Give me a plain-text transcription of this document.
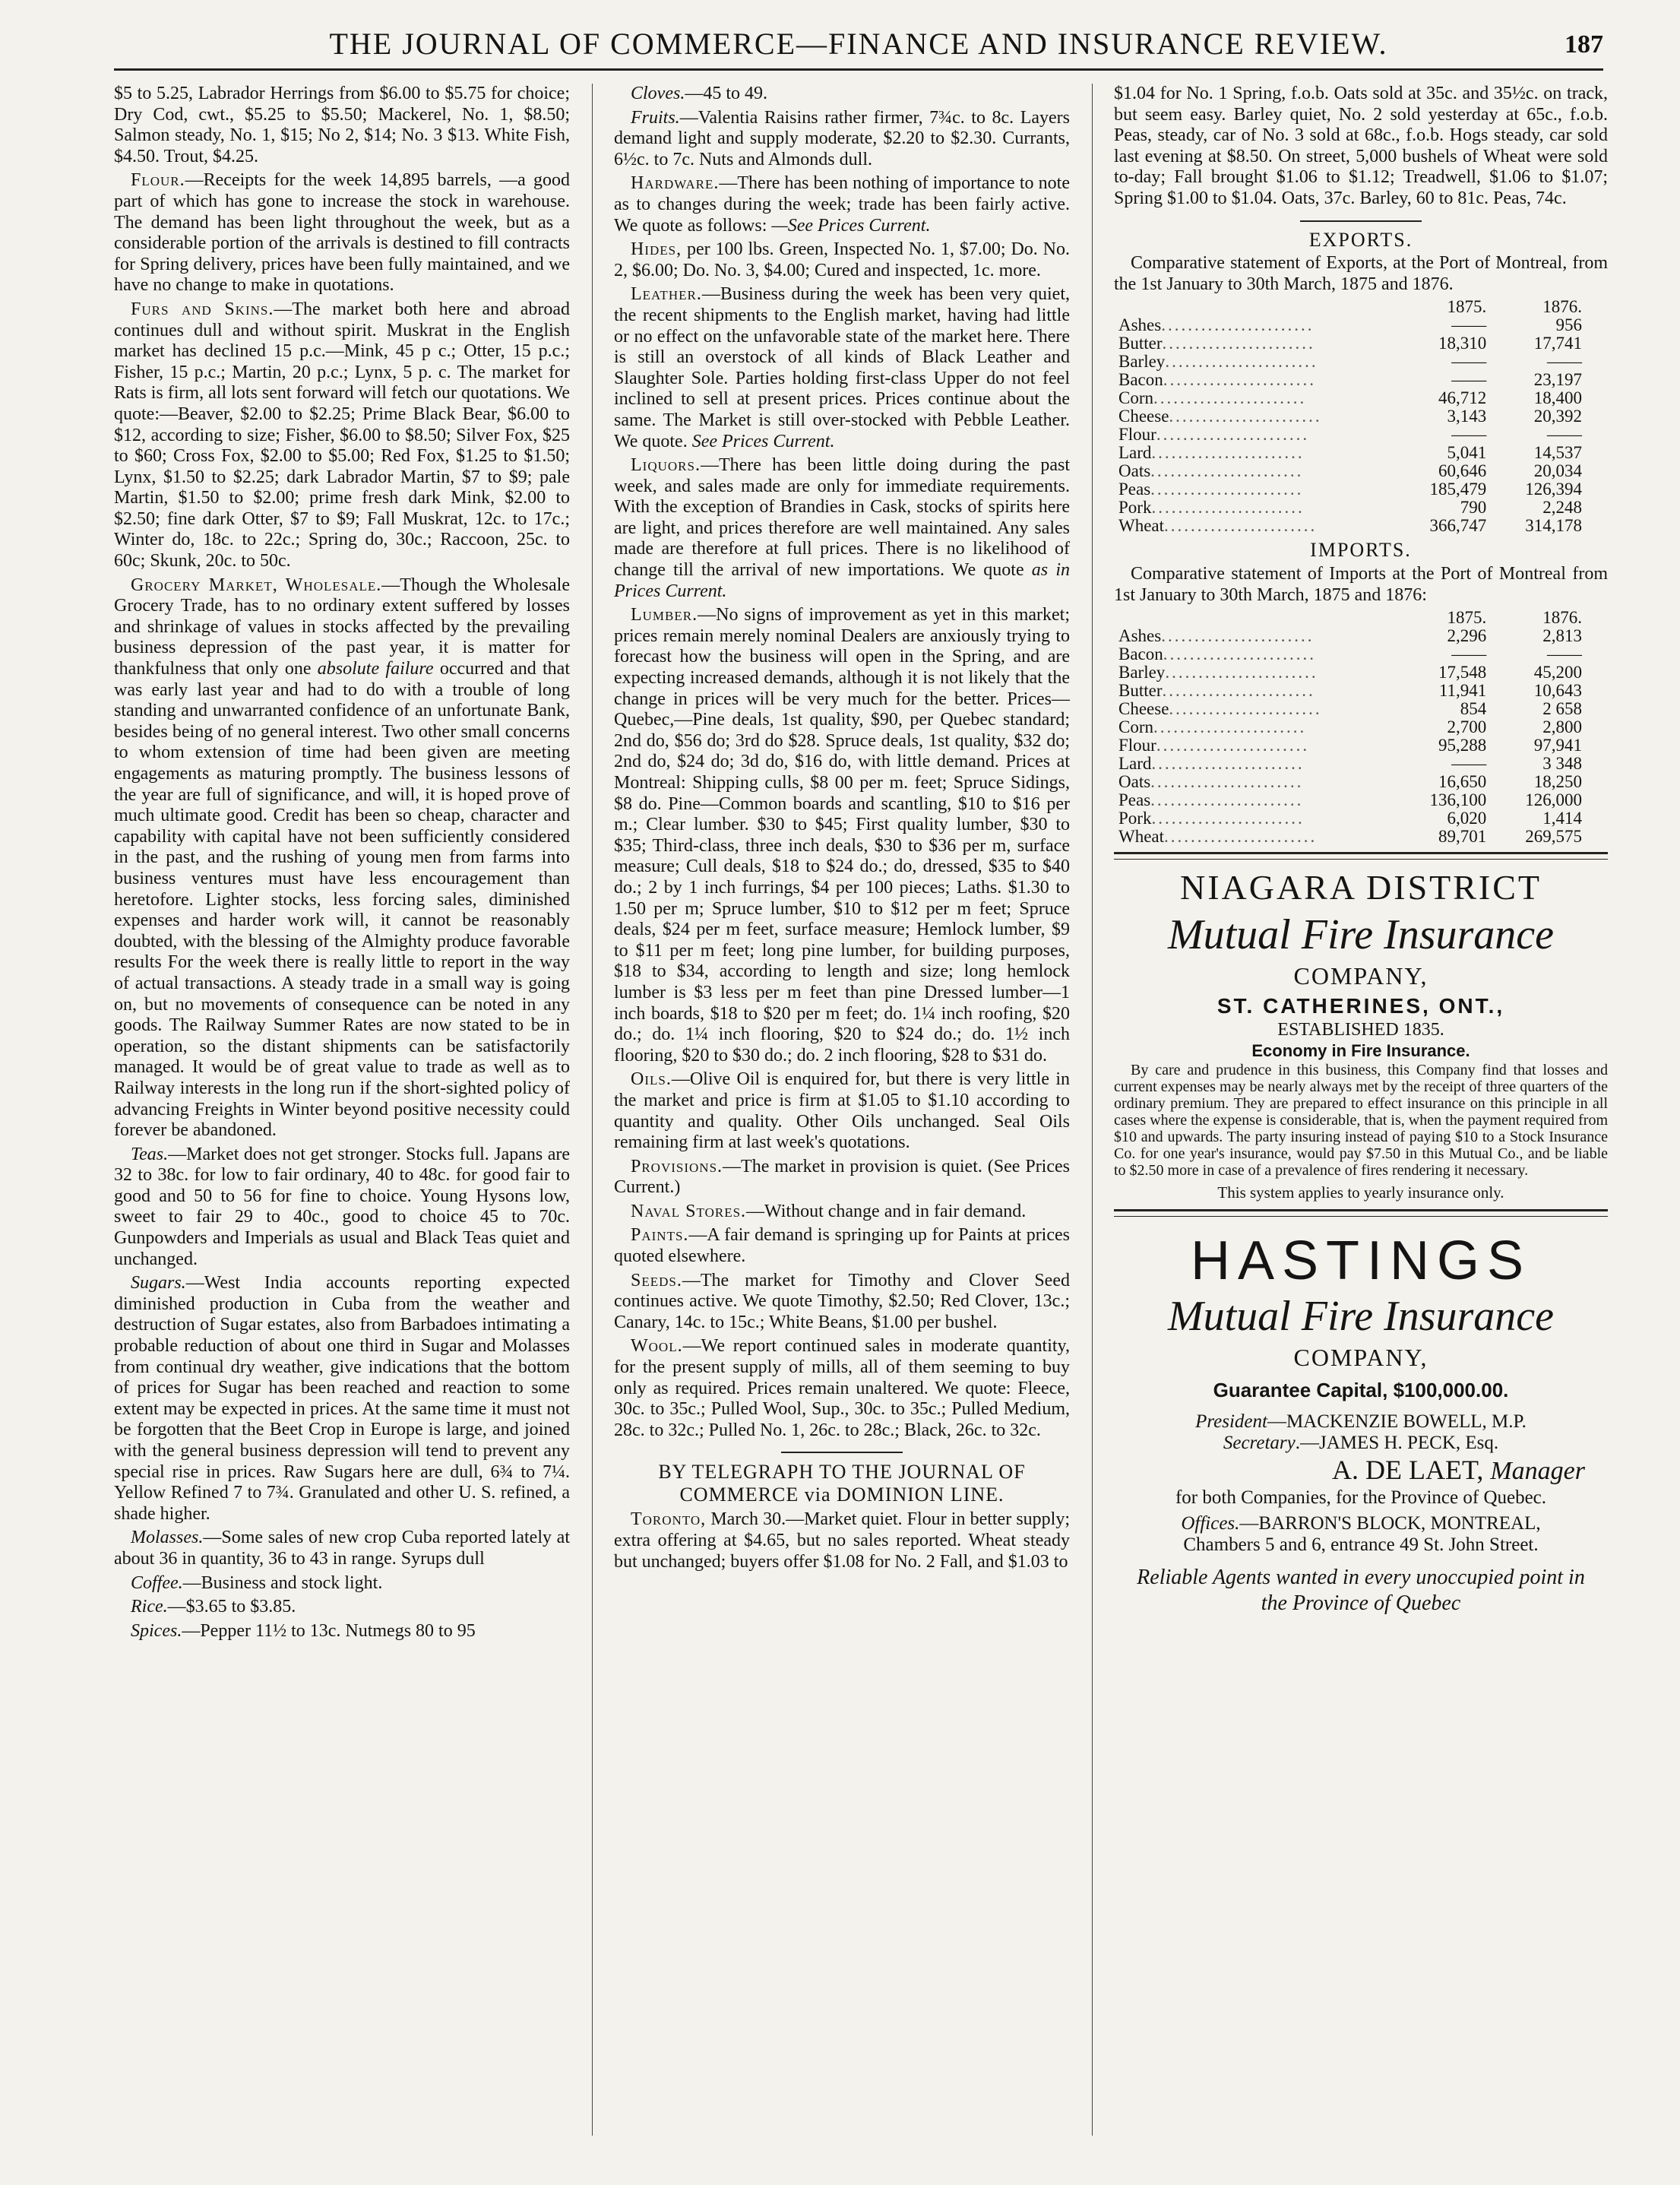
THE JOURNAL OF COMMERCE—FINANCE AND INSURANCE REVIEW.	187

$5 to 5.25, Labrador Herrings from $6.00 to $5.75 for choice; Dry Cod, cwt., $5.25 to $5.50; Mackerel, No. 1, $8.50; Salmon steady, No. 1, $15; No 2, $14; No. 3 $13. White Fish, $4.50. Trout, $4.25.

Flour.—Receipts for the week 14,895 barrels, —a good part of which has gone to increase the stock in warehouse. The demand has been light throughout the week, but as a considerable portion of the arrivals is destined to fill contracts for Spring delivery, prices have been fully maintained, and we have no change to make in quotations.

Furs and Skins.—The market both here and abroad continues dull and without spirit. Muskrat in the English market has declined 15 p.c.—Mink, 45 p c.; Otter, 15 p.c.; Fisher, 15 p.c.; Martin, 20 p.c.; Lynx, 5 p. c. The market for Rats is firm, all lots sent forward will fetch our quotations. We quote:—Beaver, $2.00 to $2.25; Prime Black Bear, $6.00 to $12, according to size; Fisher, $6.00 to $8.50; Silver Fox, $25 to $60; Cross Fox, $2.00 to $5.00; Red Fox, $1.25 to $1.50; Lynx, $1.50 to $2.25; dark Labrador Martin, $7 to $9; pale Martin, $1.50 to $2.00; prime fresh dark Mink, $2.00 to $2.50; fine dark Otter, $7 to $9; Fall Muskrat, 12c. to 17c.; Winter do, 18c. to 22c.; Spring do, 30c.; Raccoon, 25c. to 60c; Skunk, 20c. to 50c.

Grocery Market, Wholesale.—Though the Wholesale Grocery Trade, has to no ordinary extent suffered by losses and shrinkage of values in stocks affected by the prevailing business depression of the past year, it is matter for thankfulness that only one absolute failure occurred and that was early last year and had to do with a trouble of long standing and unwarranted confidence of an unfortunate Bank, besides being of no general interest. Two other small concerns to whom extension of time had been given are meeting engagements as maturing promptly. The business lessons of the year are full of significance, and will, it is hoped prove of much ultimate good. Credit has been so cheap, character and capability with capital have not been sufficiently considered in the past, and the rushing of young men from farms into business ventures must have less encouragement than heretofore. Lighter stocks, less forcing sales, diminished expenses and harder work will, it cannot be reasonably doubted, with the blessing of the Almighty produce favorable results For the week there is really little to report in the way of actual transactions. A steady trade in a small way is going on, but no movements of consequence can be noted in any goods. The Railway Summer Rates are now stated to be in operation, so the distant shipments can be satisfactorily managed. It would be of great value to trade as well as to Railway interests in the long run if the short-sighted policy of advancing Freights in Winter beyond positive necessity could forever be abandoned.

Teas.—Market does not get stronger. Stocks full. Japans are 32 to 38c. for low to fair ordinary, 40 to 48c. for good fair to good and 50 to 56 for fine to choice. Young Hysons low, sweet to fair 29 to 40c., good to choice 45 to 70c. Gunpowders and Imperials as usual and Black Teas quiet and unchanged.

Sugars.—West India accounts reporting expected diminished production in Cuba from the weather and destruction of Sugar estates, also from Barbadoes intimating a probable reduction of about one third in Sugar and Molasses from continual dry weather, give indications that the bottom of prices for Sugar has been reached and reaction to some extent may be expected in prices. At the same time it must not be forgotten that the Beet Crop in Europe is large, and joined with the general business depression will tend to prevent any special rise in prices. Raw Sugars here are dull, 6¾ to 7¼. Yellow Refined 7 to 7¾. Granulated and other U. S. refined, a shade higher.

Molasses.—Some sales of new crop Cuba reported lately at about 36 in quantity, 36 to 43 in range. Syrups dull

Coffee.—Business and stock light.

Rice.—$3.65 to $3.85.

Spices.—Pepper 11½ to 13c. Nutmegs 80 to 95

Cloves.—45 to 49.

Fruits.—Valentia Raisins rather firmer, 7¾c. to 8c. Layers demand light and supply moderate, $2.20 to $2.30. Currants, 6½c. to 7c. Nuts and Almonds dull.

Hardware.—There has been nothing of importance to note as to changes during the week; trade has been fairly active. We quote as follows: —See Prices Current.

Hides, per 100 lbs. Green, Inspected No. 1, $7.00; Do. No. 2, $6.00; Do. No. 3, $4.00; Cured and inspected, 1c. more.

Leather.—Business during the week has been very quiet, the recent shipments to the English market, having had little or no effect on the unfavorable state of the market here. There is still an overstock of all kinds of Black Leather and Slaughter Sole. Parties holding first-class Upper do not feel inclined to sell at present prices. Prices continue about the same. The Market is still over-stocked with Pebble Leather. We quote. See Prices Current.

Liquors.—There has been little doing during the past week, and sales made are only for immediate requirements. With the exception of Brandies in Cask, stocks of spirits here are light, and prices therefore are well maintained. Any sales made are therefore at full prices. There is no likelihood of change till the arrival of new importations. We quote as in Prices Current.

Lumber.—No signs of improvement as yet in this market; prices remain merely nominal Dealers are anxiously trying to forecast how the business will open in the Spring, and are expecting increased demands, although it is not likely that the change in prices will be very much for the better. Prices—Quebec,—Pine deals, 1st quality, $90, per Quebec standard; 2nd do, $56 do; 3rd do $28. Spruce deals, 1st quality, $32 do; 2nd do, $24 do; 3d do, $16 do, with little demand. Prices at Montreal: Shipping culls, $8 00 per m. feet; Spruce Sidings, $8 do. Pine—Common boards and scantling, $10 to $16 per m.; Clear lumber. $30 to $45; First quality lumber, $30 to $35; Third-class, three inch deals, $30 to $36 per m, surface measure; Cull deals, $18 to $24 do.; do, dressed, $35 to $40 do.; 2 by 1 inch furrings, $4 per 100 pieces; Laths. $1.30 to 1.50 per m; Spruce lumber, $10 to $12 per m feet; Spruce deals, $24 per m feet, surface measure; Hemlock lumber, $9 to $11 per m feet; long pine lumber, for building purposes, $18 to $34, according to length and size; long hemlock lumber is $3 less per m feet than pine Dressed lumber—1 inch boards, $18 to $20 per m feet; do. 1¼ inch roofing, $20 do.; do. 1¼ inch flooring, $20 to $24 do.; do. 1½ inch flooring, $20 to $30 do.; do. 2 inch flooring, $28 to $31 do.

Oils.—Olive Oil is enquired for, but there is very little in the market and price is firm at $1.05 to $1.10 according to quantity and quality. Other Oils unchanged. Seal Oils remaining firm at last week's quotations.

Provisions.—The market in provision is quiet. (See Prices Current.)

Naval Stores.—Without change and in fair demand.

Paints.—A fair demand is springing up for Paints at prices quoted elsewhere.

Seeds.—The market for Timothy and Clover Seed continues active. We quote Timothy, $2.50; Red Clover, 13c.; Canary, 14c. to 15c.; White Beans, $1.00 per bushel.

Wool.—We report continued sales in moderate quantity, for the present supply of mills, all of them seeming to buy only as required. Prices remain unaltered. We quote: Fleece, 30c. to 35c.; Pulled Wool, Sup., 30c. to 35c.; Pulled Medium, 28c. to 32c.; Pulled No. 1, 26c. to 28c.; Black, 26c. to 32c.

BY TELEGRAPH TO THE JOURNAL OF COMMERCE via DOMINION LINE.

Toronto, March 30.—Market quiet. Flour in better supply; extra offering at $4.65, but no sales reported. Wheat steady but unchanged; buyers offer $1.08 for No. 2 Fall, and $1.03 to

$1.04 for No. 1 Spring, f.o.b. Oats sold at 35c. and 35½c. on track, but seem easy. Barley quiet, No. 2 sold yesterday at 65c., f.o.b. Peas, steady, car of No. 3 sold at 68c., f.o.b. Hogs steady, car sold last evening at $8.50. On street, 5,000 bushels of Wheat were sold to-day; Fall brought $1.06 to $1.12; Treadwell, $1.06 to $1.07; Spring $1.00 to $1.04. Oats, 37c. Barley, 60 to 81c. Peas, 74c.

EXPORTS.

Comparative statement of Exports, at the Port of Montreal, from the 1st January to 30th March, 1875 and 1876.

	1875.	1876.
Ashes.......................	——	956
Butter.......................	18,310	17,741
Barley.......................	——	——
Bacon.......................	——	23,197
Corn.......................	46,712	18,400
Cheese.......................	3,143	20,392
Flour.......................	——	——
Lard.......................	5,041	14,537
Oats.......................	60,646	20,034
Peas.......................	185,479	126,394
Pork.......................	790	2,248
Wheat.......................	366,747	314,178
IMPORTS.

Comparative statement of Imports at the Port of Montreal from 1st January to 30th March, 1875 and 1876:

	1875.	1876.
Ashes.......................	2,296	2,813
Bacon.......................	——	——
Barley.......................	17,548	45,200
Butter.......................	11,941	10,643
Cheese.......................	854	2 658
Corn.......................	2,700	2,800
Flour.......................	95,288	97,941
Lard.......................	——	3 348
Oats.......................	16,650	18,250
Peas.......................	136,100	126,000
Pork.......................	6,020	1,414
Wheat.......................	89,701	269,575
NIAGARA DISTRICT
Mutual Fire Insurance
COMPANY,
ST. CATHERINES, ONT.,
ESTABLISHED 1835.
Economy in Fire Insurance.

By care and prudence in this business, this Company find that losses and current expenses may be nearly always met by the receipt of three quarters of the ordinary premium. They are prepared to effect insurance on this principle in all cases where the expense is considerable, that is, when the payment required from $10 and upwards. The party insuring instead of paying $10 to a Stock Insurance Co. for one year's insurance, would pay $7.50 in this Mutual Co., and be liable to $2.50 more in case of a prevalence of fires rendering it necessary.

This system applies to yearly insurance only.
HASTINGS
Mutual Fire Insurance
COMPANY,
Guarantee Capital, $100,000.00.
President—MACKENZIE BOWELL, M.P.
Secretary.—JAMES H. PECK, Esq.
A. DE LAET, Manager
for both Companies, for the Province of Quebec.
Offices.—BARRON'S BLOCK, MONTREAL,
Chambers 5 and 6, entrance 49 St. John Street.
Reliable Agents wanted in every unoccupied point in the Province of Quebec
